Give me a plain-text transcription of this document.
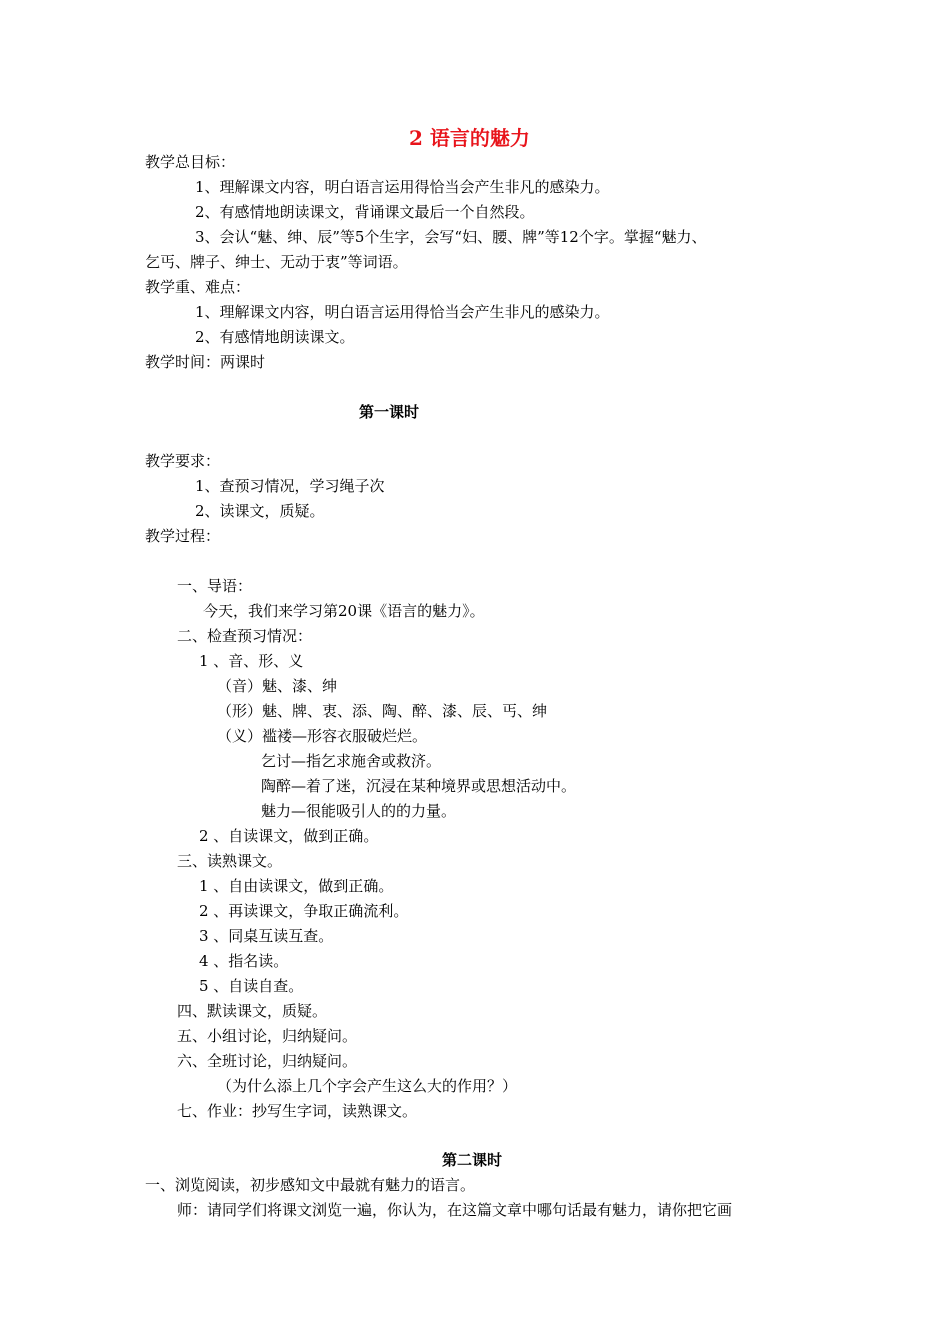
2 语言的魅力
教学总目标：
1、理解课文内容，明白语言运用得恰当会产生非凡的感染力。
2、有感情地朗读课文，背诵课文最后一个自然段。
3、会认“魅、绅、辰”等5个生字，会写“妇、腰、牌”等12个字。掌握“魅力、
乞丐、牌子、绅士、无动于衷”等词语。
教学重、难点：
1、理解课文内容，明白语言运用得恰当会产生非凡的感染力。
2、有感情地朗读课文。
教学时间：两课时
第一课时
教学要求：
1、查预习情况，学习绳子次
2、读课文，质疑。
教学过程：
一、导语：
今天，我们来学习第20课《语言的魅力》。
二、检查预习情况：
1 、音、形、义
（音）魅、漆、绅
（形）魅、牌、衷、添、陶、醉、漆、辰、丐、绅
（义）褴褛—形容衣服破烂烂。
乞讨—指乞求施舍或救济。
陶醉—着了迷，沉浸在某种境界或思想活动中。
魅力—很能吸引人的的力量。
2 、自读课文，做到正确。
三、读熟课文。
1 、自由读课文，做到正确。
2 、再读课文，争取正确流利。
3 、同桌互读互查。
4 、指名读。
5 、自读自查。
四、默读课文，质疑。
五、小组讨论，归纳疑问。
六、全班讨论，归纳疑问。
（为什么添上几个字会产生这么大的作用？）
七、作业：抄写生字词，读熟课文。
第二课时
一、浏览阅读，初步感知文中最就有魅力的语言。
师：请同学们将课文浏览一遍，你认为，在这篇文章中哪句话最有魅力，请你把它画
